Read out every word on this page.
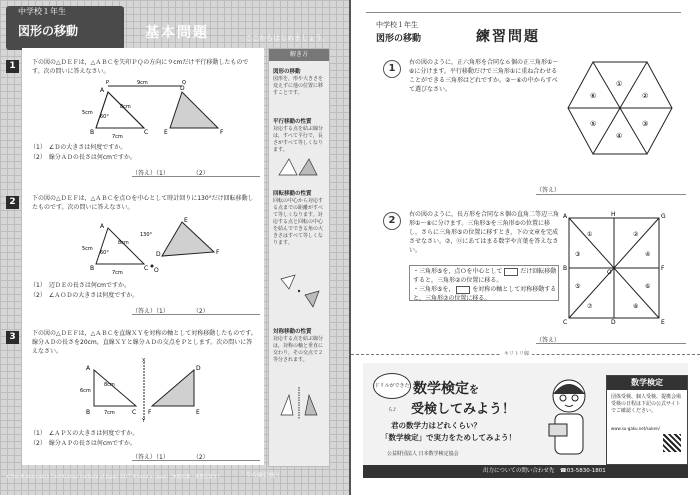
中学校１年生
図形の移動	基本問題	ここからはじめましょう。
1	下の図の△ＤＥＦは，△ＡＢＣを矢印ＰＱの方向に９cmだけ平行移動したものです。次の問いに答えなさい。
A
B	C
D
E	F
P	Q
9cm
8cm
5cm
60°
7cm
（1）　∠Ｄの大きさは何度ですか。
（2）　線分ＡＤの長さは何cmですか。
（答え）（1）　　　　　（2）
2	下の図の△ＤＥＦは，△ＡＢＣを点Ｏを中心として時計回りに130°だけ回転移動したものです。次の問いに答えなさい。
A
B	C
D
E
F
O
130°
8cm
5cm
60°
7cm
（1）　辺ＤＥの長さは何cmですか。
（2）　∠ＡＯＤの大きさは何度ですか。
（答え）（1）　　　　　（2）
3	下の図の△ＤＥＦは，△ＡＢＣを直線ＸＹを対称の軸として対称移動したものです。線分ＡＤの長さを20cm，直線ＸＹと線分ＡＤの交点をＰとします。次の問いに答えなさい。
A
B	C
D
E
F
X
Y
8cm
6cm
7cm
（1）　∠ＡＰＸの大きさは何度ですか。
（2）　線分ＡＰの長さは何cmですか。
（答え）（1）　　　　　（2）
解き方
図形の移動
図形を，形や大きさを変えずに他の位置に移すことです。
平行移動の性質
対応する点を結ぶ線分は，すべて平行で，長さがすべて等しくなります。
回転移動の性質
回転の中心から対応する点までの距離がすべて等しくなります。対応する点と回転の中心を結んでできる角の大きさはすべて等しくなります。
対称移動の性質
対応する点を結ぶ線分は，対称の軸と垂直に交わり，その交点で２等分されます。
©The Mathematics Certification Institute of Japan 2017 Printed in Japan（無断転載・複製を禁ず）	うら面に続く
中学校１年生
図形の移動	練習問題
1
右の図のように，正六角形を合同な６個の正三角形①〜⑥に分けます。平行移動だけで三角形①に重ね合わせることができる三角形はどれですか。②〜⑥の中からすべて選びなさい。
①
②
③
④
⑤
⑥
（答え）
2
右の図のように，長方形を合同な８個の直角二等辺三角形①〜⑧に分けます。三角形③を三角形⑤の位置に移し，さらに三角形⑤の位置に移すとき，下の文章を完成させなさい。⑦，⓪にあてはまる数字や言葉を答えなさい。
A	H	G
B
O
F
C	D	E
①	②
③	④
⑤	⑥
⑦	⑧
・三角形⑤を，点Ｏを中心として	だけ回転移動すると，三角形②の位置に移る。
・三角形⑤を，	を対称の軸として対称移動すると，三角形⑦の位置に移る。
（答え）
キリトリ線
ドリルができたら♪
数学検定を
受検してみよう！
君の数学力はどれくらい？
「数学検定」で実力をためしてみよう！
公益財団法人 日本数学検定協会
数学検定
団体受検、個人受検、提携会場受検の日程は下記の公式サイトでご確認ください。
www.su-gaku.net/suken/
出力についての問い合わせ先　☎03-5830-1801
